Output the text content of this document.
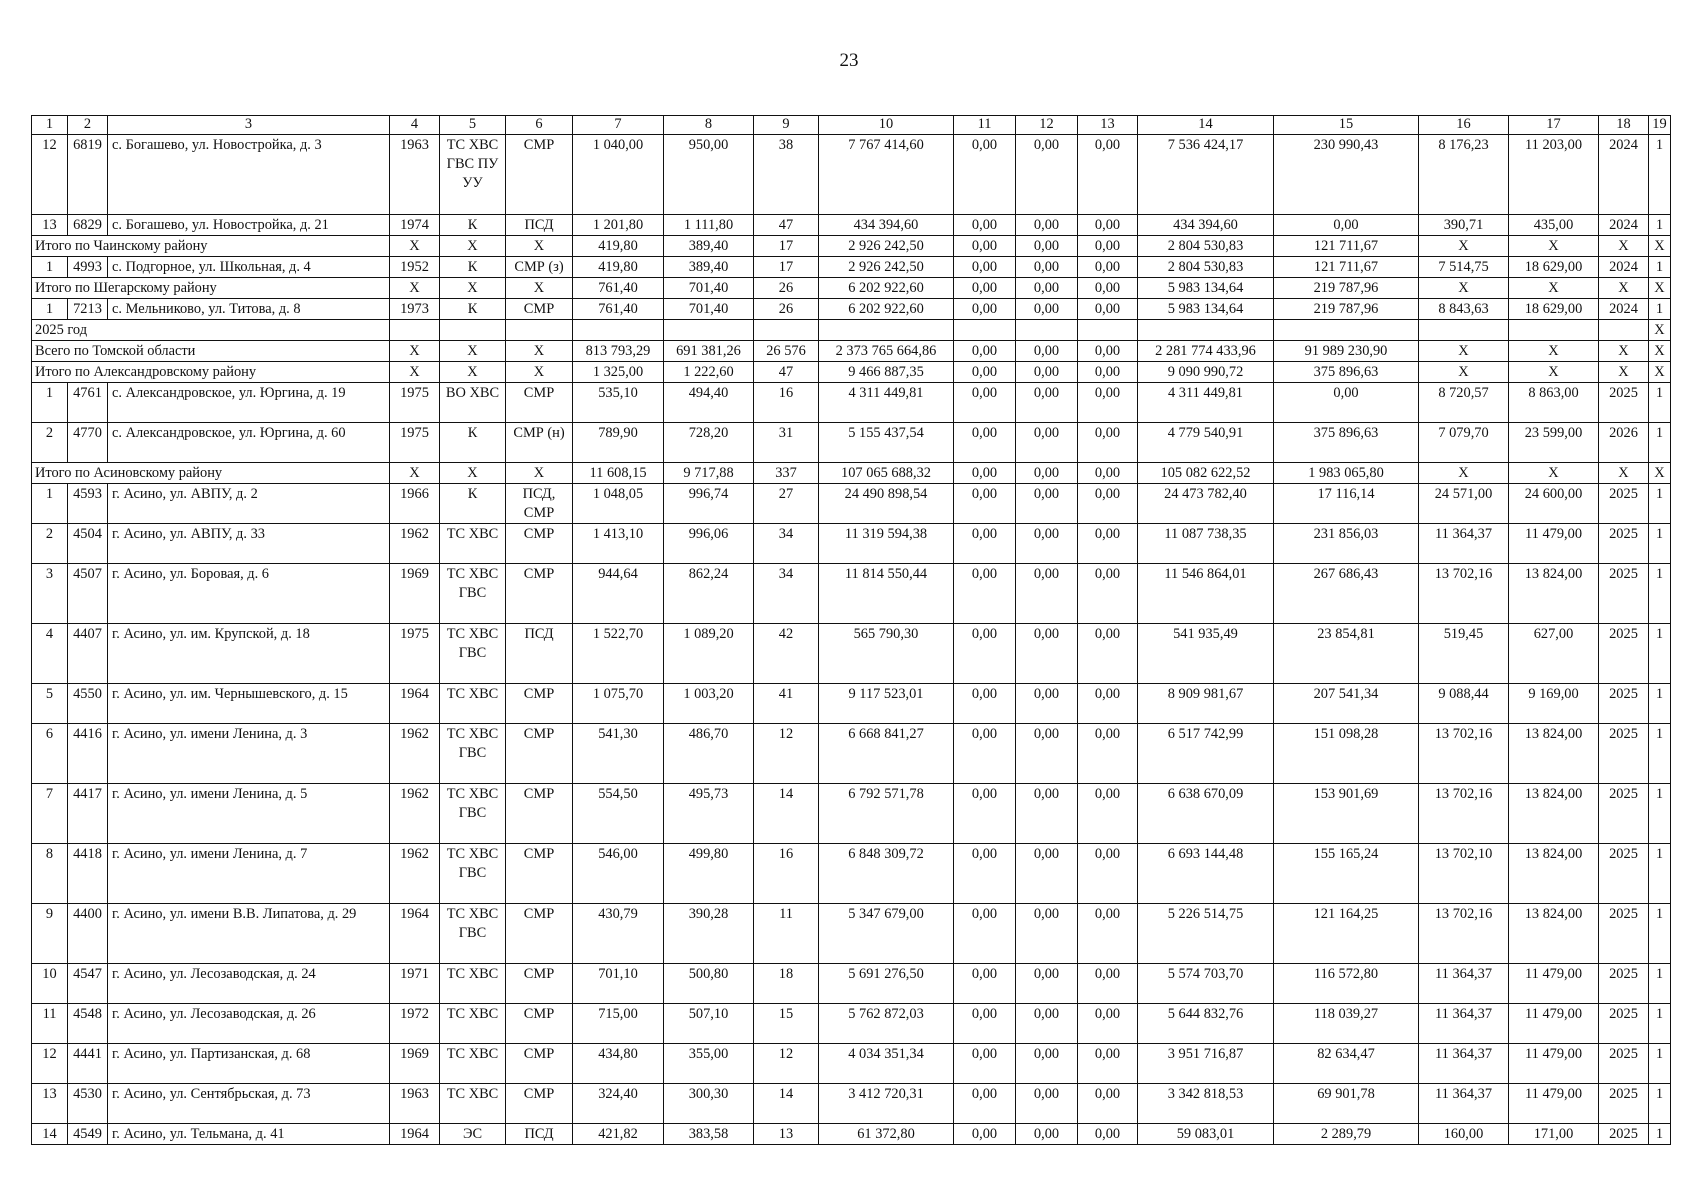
23
1	2	3	4	5	6	7	8	9	10	11	12	13	14	15	16	17	18	19
12	6819	с. Богашево, ул. Новостройка, д. 3	1963	ТС ХВС ГВС ПУ УУ	СМР	1 040,00	950,00	38	7 767 414,60	0,00	0,00	0,00	7 536 424,17	230 990,43	8 176,23	11 203,00	2024	1
13	6829	с. Богашево, ул. Новостройка, д. 21	1974	К	ПСД	1 201,80	1 111,80	47	434 394,60	0,00	0,00	0,00	434 394,60	0,00	390,71	435,00	2024	1
Итого по Чаинскому району			Х	Х	Х	419,80	389,40	17	2 926 242,50	0,00	0,00	0,00	2 804 530,83	121 711,67	Х	Х	Х	Х
1	4993	с. Подгорное, ул. Школьная, д. 4	1952	К	СМР (з)	419,80	389,40	17	2 926 242,50	0,00	0,00	0,00	2 804 530,83	121 711,67	7 514,75	18 629,00	2024	1
Итого по Шегарскому району			Х	Х	Х	761,40	701,40	26	6 202 922,60	0,00	0,00	0,00	5 983 134,64	219 787,96	Х	Х	Х	Х
1	7213	с. Мельниково, ул. Титова, д. 8	1973	К	СМР	761,40	701,40	26	6 202 922,60	0,00	0,00	0,00	5 983 134,64	219 787,96	8 843,63	18 629,00	2024	1
2025 год																		Х
Всего по Томской области			Х	Х	Х	813 793,29	691 381,26	26 576	2 373 765 664,86	0,00	0,00	0,00	2 281 774 433,96	91 989 230,90	Х	Х	Х	Х
Итого по Александровскому району			Х	Х	Х	1 325,00	1 222,60	47	9 466 887,35	0,00	0,00	0,00	9 090 990,72	375 896,63	Х	Х	Х	Х
1	4761	с. Александровское, ул. Юргина, д. 19	1975	ВО ХВС	СМР	535,10	494,40	16	4 311 449,81	0,00	0,00	0,00	4 311 449,81	0,00	8 720,57	8 863,00	2025	1
2	4770	с. Александровское, ул. Юргина, д. 60	1975	К	СМР (н)	789,90	728,20	31	5 155 437,54	0,00	0,00	0,00	4 779 540,91	375 896,63	7 079,70	23 599,00	2026	1
Итого по Асиновскому району			Х	Х	Х	11 608,15	9 717,88	337	107 065 688,32	0,00	0,00	0,00	105 082 622,52	1 983 065,80	Х	Х	Х	Х
1	4593	г. Асино, ул. АВПУ, д. 2	1966	К	ПСД, СМР	1 048,05	996,74	27	24 490 898,54	0,00	0,00	0,00	24 473 782,40	17 116,14	24 571,00	24 600,00	2025	1
2	4504	г. Асино, ул. АВПУ, д. 33	1962	ТС ХВС	СМР	1 413,10	996,06	34	11 319 594,38	0,00	0,00	0,00	11 087 738,35	231 856,03	11 364,37	11 479,00	2025	1
3	4507	г. Асино, ул. Боровая, д. 6	1969	ТС ХВС ГВС	СМР	944,64	862,24	34	11 814 550,44	0,00	0,00	0,00	11 546 864,01	267 686,43	13 702,16	13 824,00	2025	1
4	4407	г. Асино, ул. им. Крупской, д. 18	1975	ТС ХВС ГВС	ПСД	1 522,70	1 089,20	42	565 790,30	0,00	0,00	0,00	541 935,49	23 854,81	519,45	627,00	2025	1
5	4550	г. Асино, ул. им. Чернышевского, д. 15	1964	ТС ХВС	СМР	1 075,70	1 003,20	41	9 117 523,01	0,00	0,00	0,00	8 909 981,67	207 541,34	9 088,44	9 169,00	2025	1
6	4416	г. Асино, ул. имени Ленина, д. 3	1962	ТС ХВС ГВС	СМР	541,30	486,70	12	6 668 841,27	0,00	0,00	0,00	6 517 742,99	151 098,28	13 702,16	13 824,00	2025	1
7	4417	г. Асино, ул. имени Ленина, д. 5	1962	ТС ХВС ГВС	СМР	554,50	495,73	14	6 792 571,78	0,00	0,00	0,00	6 638 670,09	153 901,69	13 702,16	13 824,00	2025	1
8	4418	г. Асино, ул. имени Ленина, д. 7	1962	ТС ХВС ГВС	СМР	546,00	499,80	16	6 848 309,72	0,00	0,00	0,00	6 693 144,48	155 165,24	13 702,10	13 824,00	2025	1
9	4400	г. Асино, ул. имени В.В. Липатова, д. 29	1964	ТС ХВС ГВС	СМР	430,79	390,28	11	5 347 679,00	0,00	0,00	0,00	5 226 514,75	121 164,25	13 702,16	13 824,00	2025	1
10	4547	г. Асино, ул. Лесозаводская, д. 24	1971	ТС ХВС	СМР	701,10	500,80	18	5 691 276,50	0,00	0,00	0,00	5 574 703,70	116 572,80	11 364,37	11 479,00	2025	1
11	4548	г. Асино, ул. Лесозаводская, д. 26	1972	ТС ХВС	СМР	715,00	507,10	15	5 762 872,03	0,00	0,00	0,00	5 644 832,76	118 039,27	11 364,37	11 479,00	2025	1
12	4441	г. Асино, ул. Партизанская, д. 68	1969	ТС ХВС	СМР	434,80	355,00	12	4 034 351,34	0,00	0,00	0,00	3 951 716,87	82 634,47	11 364,37	11 479,00	2025	1
13	4530	г. Асино, ул. Сентябрьская, д. 73	1963	ТС ХВС	СМР	324,40	300,30	14	3 412 720,31	0,00	0,00	0,00	3 342 818,53	69 901,78	11 364,37	11 479,00	2025	1
14	4549	г. Асино, ул. Тельмана, д. 41	1964	ЭС	ПСД	421,82	383,58	13	61 372,80	0,00	0,00	0,00	59 083,01	2 289,79	160,00	171,00	2025	1
